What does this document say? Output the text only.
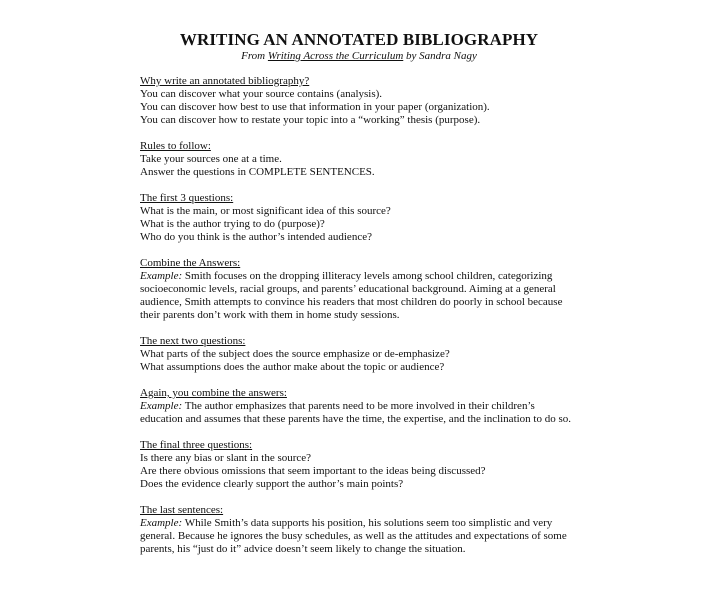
WRITING AN ANNOTATED BIBLIOGRAPHY
From Writing Across the Curriculum by Sandra Nagy
Why write an annotated bibliography?
You can discover what your source contains (analysis).
You can discover how best to use that information in your paper (organization).
You can discover how to restate your topic into a “working” thesis (purpose).
Rules to follow:
Take your sources one at a time.
Answer the questions in COMPLETE SENTENCES.
The first 3 questions:
What is the main, or most significant idea of this source?
What is the author trying to do (purpose)?
Who do you think is the author’s intended audience?
Combine the Answers:
Example: Smith focuses on the dropping illiteracy levels among school children, categorizing socioeconomic levels, racial groups, and parents’ educational background. Aiming at a general audience, Smith attempts to convince his readers that most children do poorly in school because their parents don’t work with them in home study sessions.
The next two questions:
What parts of the subject does the source emphasize or de-emphasize?
What assumptions does the author make about the topic or audience?
Again, you combine the answers:
Example: The author emphasizes that parents need to be more involved in their children’s education and assumes that these parents have the time, the expertise, and the inclination to do so.
The final three questions:
Is there any bias or slant in the source?
Are there obvious omissions that seem important to the ideas being discussed?
Does the evidence clearly support the author’s main points?
The last sentences:
Example: While Smith’s data supports his position, his solutions seem too simplistic and very general. Because he ignores the busy schedules, as well as the attitudes and expectations of some parents, his “just do it” advice doesn’t seem likely to change the situation.
